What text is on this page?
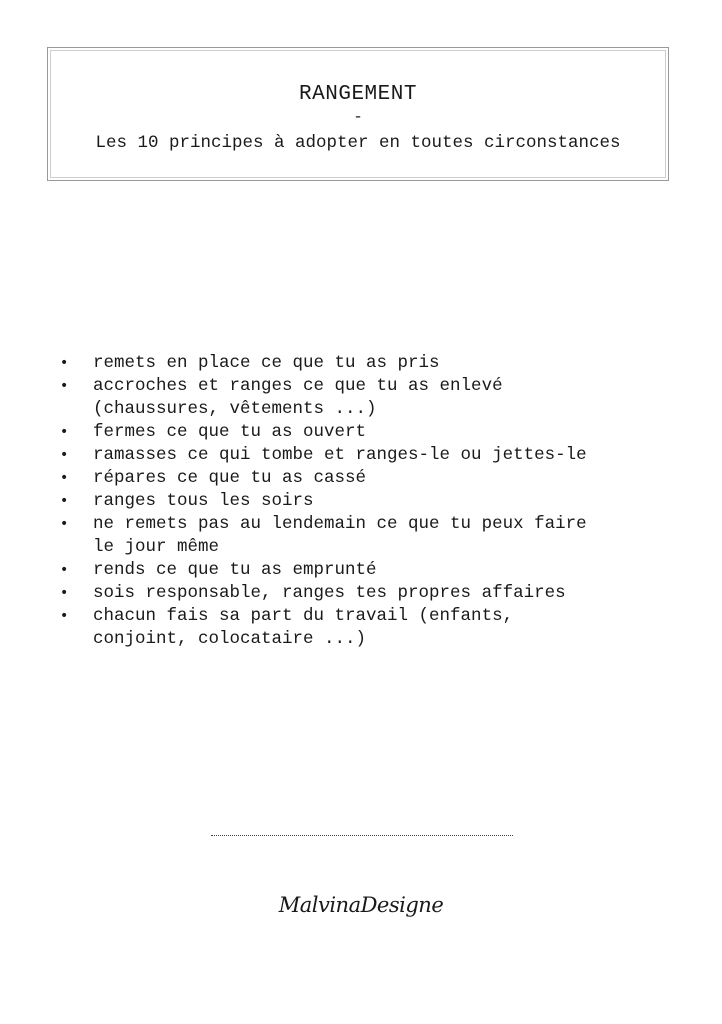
RANGEMENT
-
Les 10 principes à adopter en toutes circonstances
• remets en place ce que tu as pris
• accroches et ranges ce que tu as enlevé
(chaussures, vêtements ...)
• fermes ce que tu as ouvert
• ramasses ce qui tombe et ranges-le ou jettes-le
• répares ce que tu as cassé
• ranges tous les soirs
• ne remets pas au lendemain ce que tu peux faire
le jour même
• rends ce que tu as emprunté
• sois responsable, ranges tes propres affaires
• chacun fais sa part du travail (enfants,
conjoint, colocataire ...)
MalvinaDesigne
